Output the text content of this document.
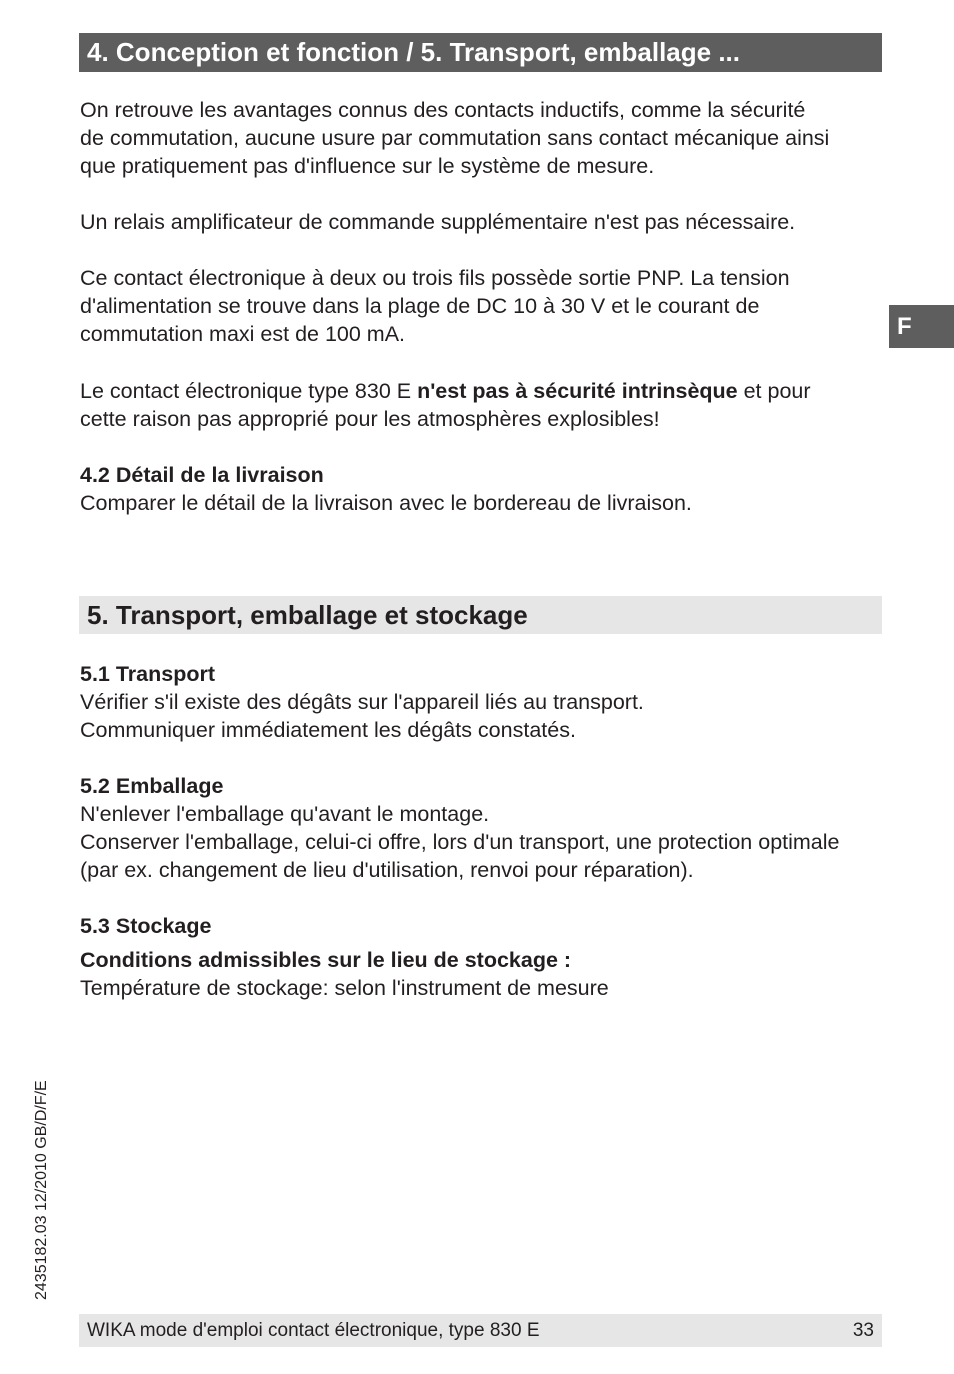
4. Conception et fonction / 5. Transport, emballage ...
F

On retrouve les avantages connus des contacts inductifs, comme la sécurité

de commutation, aucune usure par commutation sans contact mécanique ainsi

que pratiquement pas d'influence sur le système de mesure.

Un relais amplificateur de commande supplémentaire n'est pas nécessaire.

Ce contact électronique à deux ou trois fils possède sortie PNP. La tension

d'alimentation se trouve dans la plage de DC 10 à 30 V et le courant de

commutation maxi est de 100 mA.

Le contact électronique type 830 E n'est pas à sécurité intrinsèque et pour

cette raison pas approprié pour les atmosphères explosibles!

4.2 Détail de la livraison

Comparer le détail de la livraison avec le bordereau de livraison.

5. Transport, emballage et stockage

5.1 Transport

Vérifier s'il existe des dégâts sur l'appareil liés au transport.

Communiquer immédiatement les dégâts constatés.

5.2 Emballage

N'enlever l'emballage qu'avant le montage.

Conserver l'emballage, celui-ci offre, lors d'un transport, une protection optimale

(par ex. changement de lieu d'utilisation, renvoi pour réparation).

5.3 Stockage

Conditions admissibles sur le lieu de stockage :

Température de stockage: selon l'instrument de mesure

2435182.03 12/2010 GB/D/F/E
WIKA mode d'emploi contact électronique, type 830 E	33
